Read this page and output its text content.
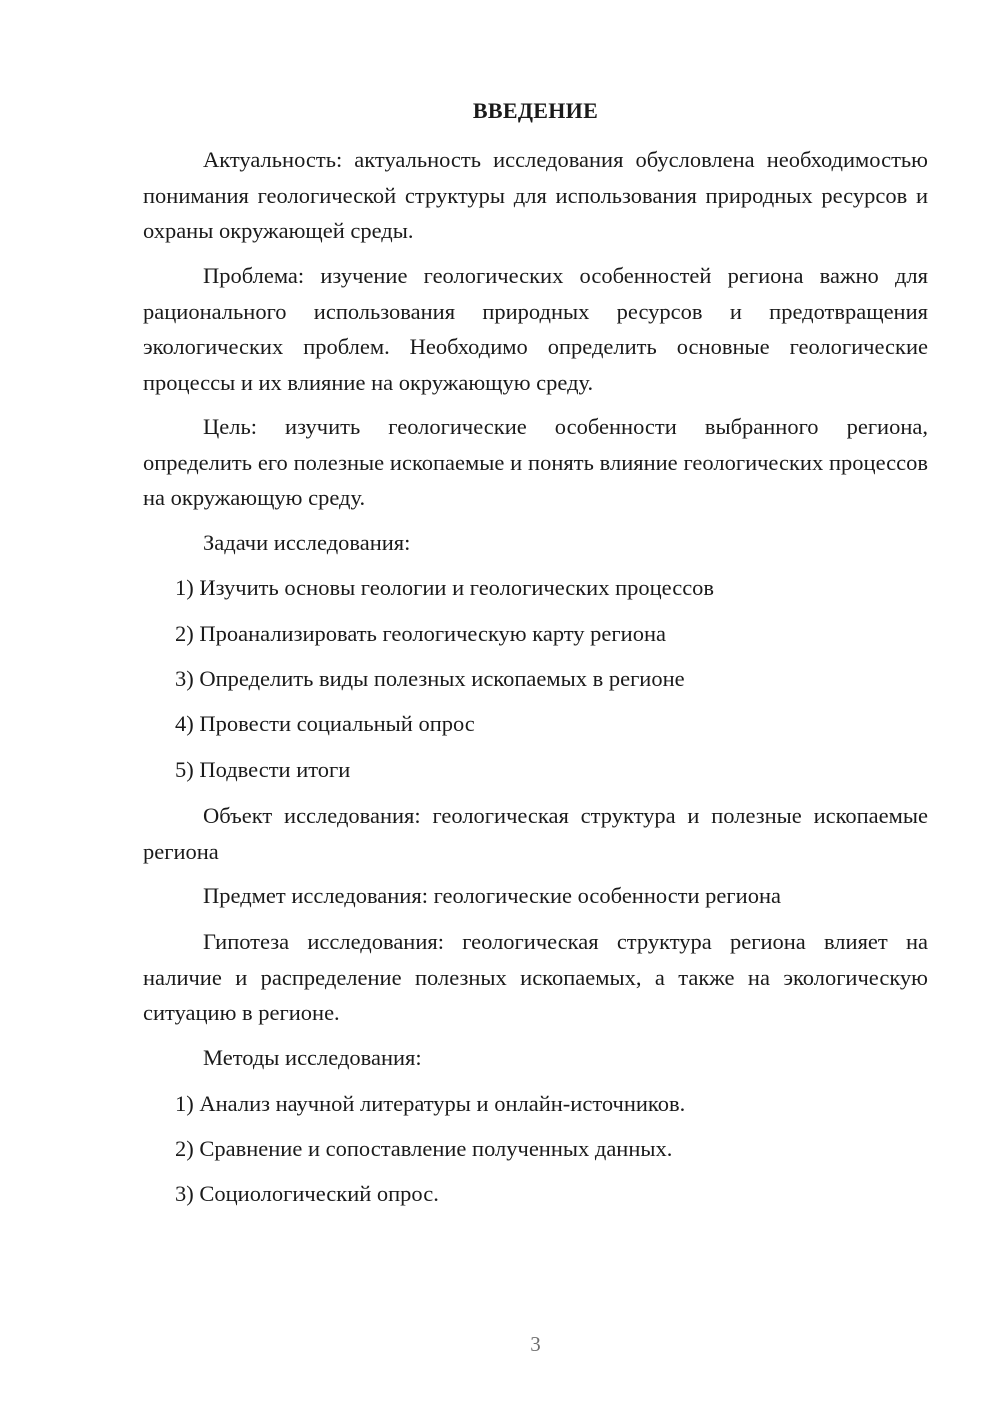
ВВЕДЕНИЕ

Актуальность: актуальность исследования обусловлена необходимостью понимания геологической структуры для использования природных ресурсов и охраны окружающей среды.

Проблема: изучение геологических особенностей региона важно для рационального использования природных ресурсов и предотвращения экологических проблем. Необходимо определить основные геологические процессы и их влияние на окружающую среду.

Цель: изучить геологические особенности выбранного региона, определить его полезные ископаемые и понять влияние геологических процессов на окружающую среду.

Задачи исследования:

1) Изучить основы геологии и геологических процессов

2) Проанализировать геологическую карту региона

3) Определить виды полезных ископаемых в регионе

4) Провести социальный опрос

5) Подвести итоги

Объект исследования: геологическая структура и полезные ископаемые региона

Предмет исследования: геологические особенности региона

Гипотеза исследования: геологическая структура региона влияет на наличие и распределение полезных ископаемых, а также на экологическую ситуацию в регионе.

Методы исследования:

1) Анализ научной литературы и онлайн-источников.

2) Сравнение и сопоставление полученных данных.

3) Социологический опрос.

3
